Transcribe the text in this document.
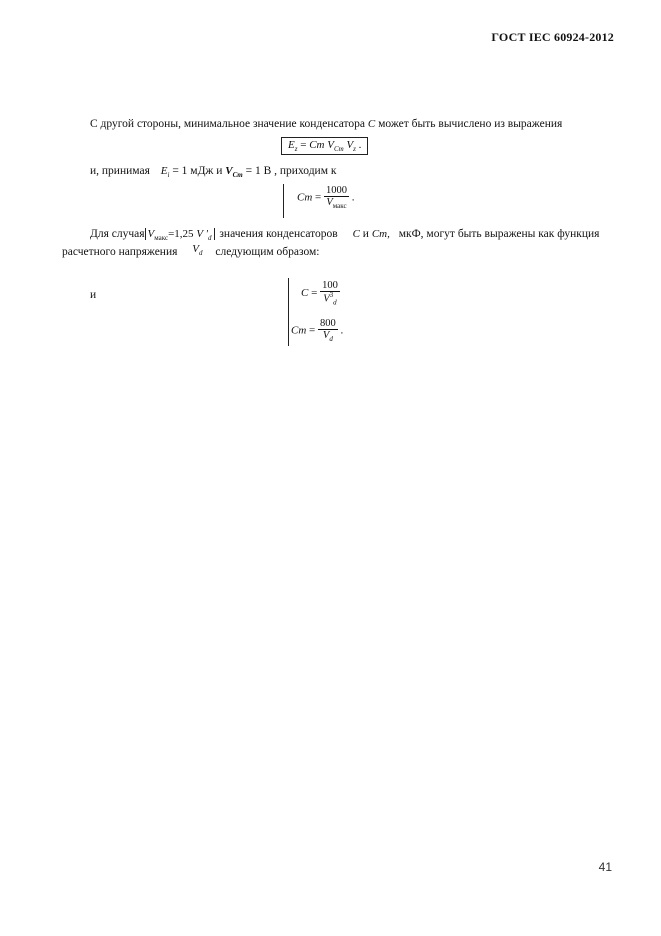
ГОСТ IEC 60924-2012
С другой стороны, минимальное значение конденсатора С может быть вычислено из выражения
$E_z = Cm$ $V_{Cm}$ $V_z$ .
и, принимая $E_i = 1$ мДж и $V_{Cm} = 1$ В , приходим к
$Cm = \frac{1000}{V_{макс}}$ .
Для случая $V_{макс}=1,25$ V $'_d$ значения конденсаторов C и Cm, мкФ, могут быть выражены как функция
расчетного напряжения $V_d$ следующим образом:
и	$C = \frac{100}{V^3_d}$
$Cm = \frac{800}{V_d}$ .
41
